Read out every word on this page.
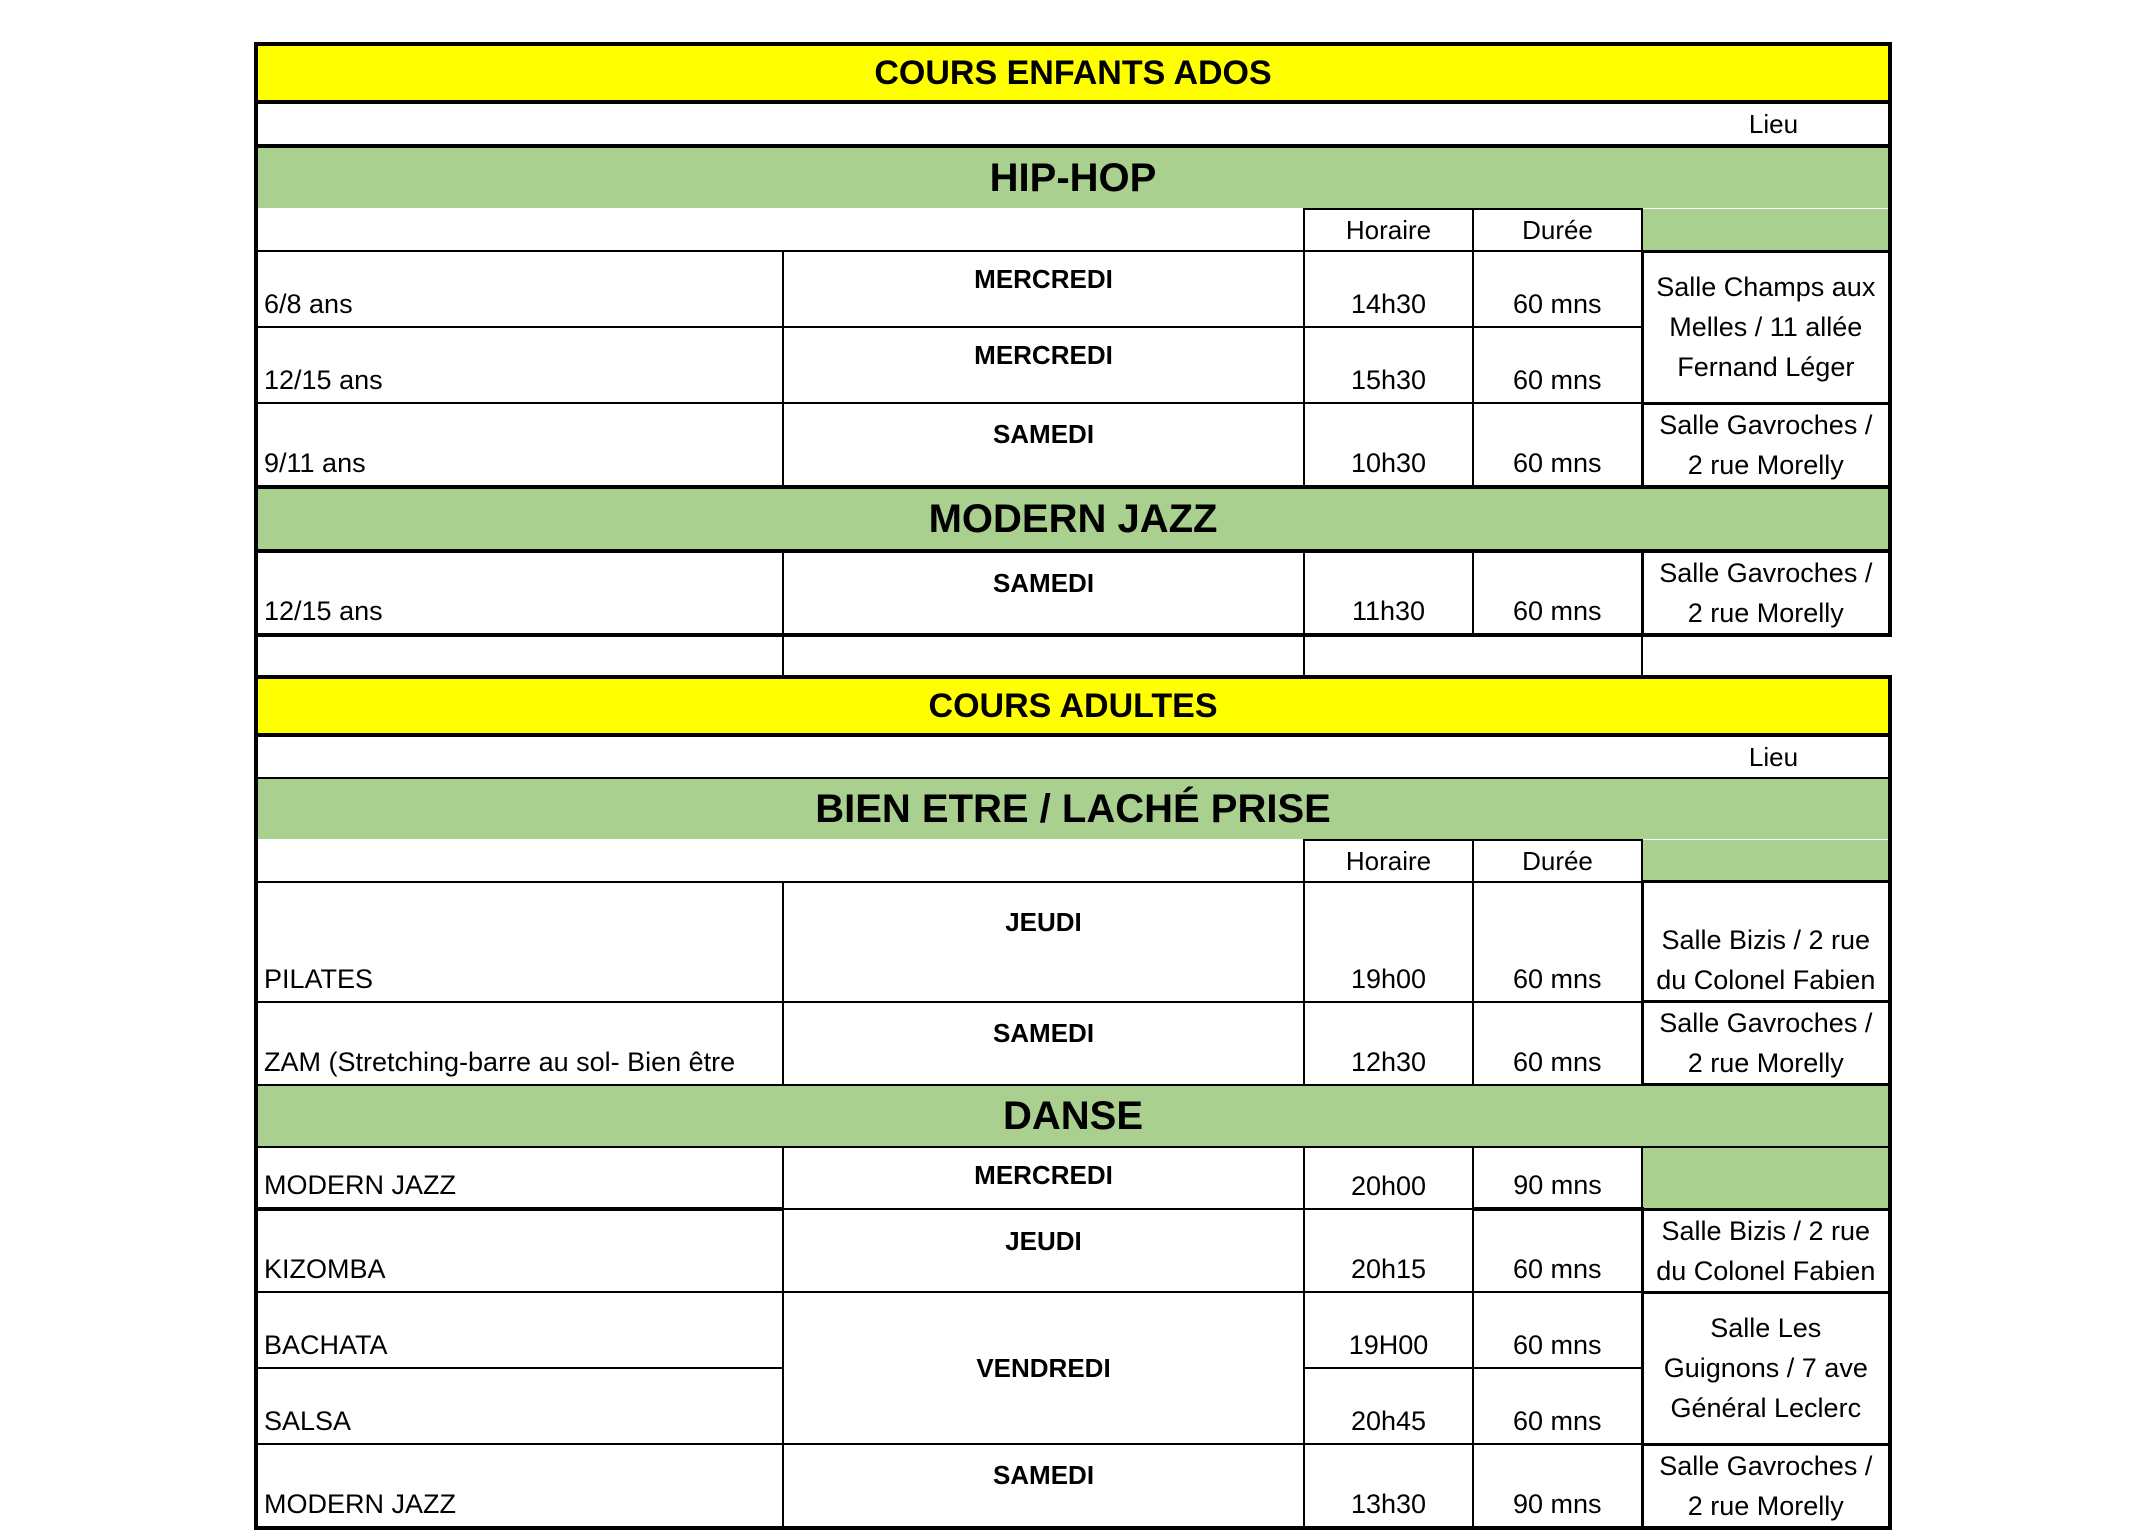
COURS ENFANTS ADOS				
Lieu				
HIP-HOP				
		Horaire	Durée	
6/8 ans	MERCREDI	14h30	60 mns	Salle Champs aux Melles / 11 allée Fernand Léger
12/15 ans	MERCREDI	15h30	60 mns	
9/11 ans	SAMEDI	10h30	60 mns	Salle Gavroches / 2 rue Morelly
MODERN JAZZ				
12/15 ans	SAMEDI	11h30	60 mns	Salle Gavroches / 2 rue Morelly

COURS ADULTES				
Lieu				
BIEN ETRE / LACHÉ PRISE				
		Horaire	Durée	
PILATES	JEUDI	19h00	60 mns	Salle Bizis / 2 rue du Colonel Fabien
ZAM (Stretching-barre au sol- Bien être	SAMEDI	12h30	60 mns	Salle Gavroches / 2 rue Morelly
DANSE				
MODERN JAZZ	MERCREDI	20h00	90 mns	
KIZOMBA	JEUDI	20h15	60 mns	Salle Bizis / 2 rue du Colonel Fabien
BACHATA	VENDREDI	19H00	60 mns	Salle Les Guignons / 7 ave Général Leclerc
SALSA		20h45	60 mns	
MODERN JAZZ	SAMEDI	13h30	90 mns	Salle Gavroches / 2 rue Morelly
